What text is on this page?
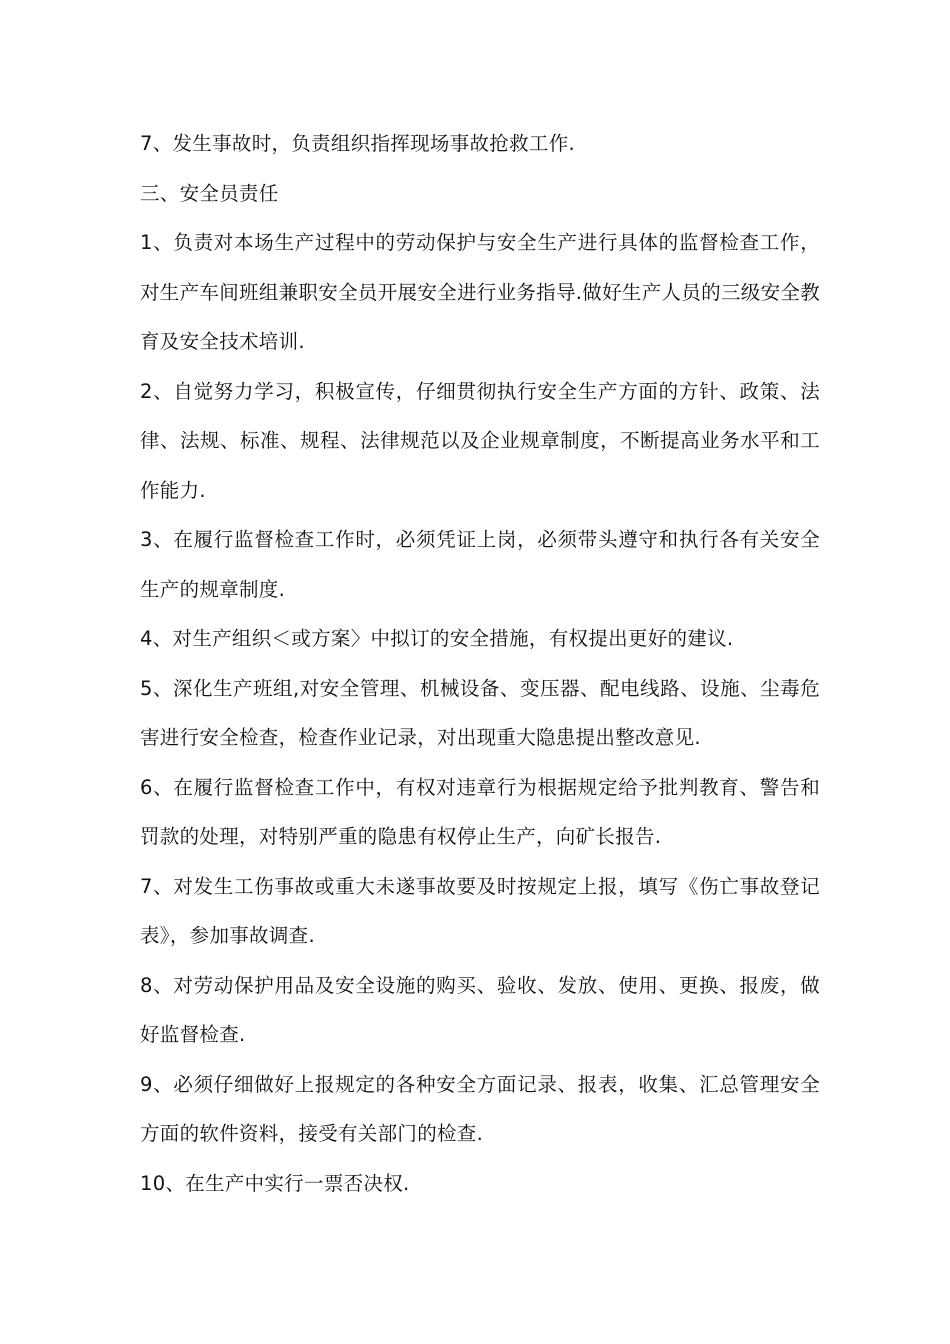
7、发生事故时，负责组织指挥现场事故抢救工作.

三、安全员责任

1、负责对本场生产过程中的劳动保护与安全生产进行具体的监督检查工作，对生产车间班组兼职安全员开展安全进行业务指导.做好生产人员的三级安全教育及安全技术培训.

2、自觉努力学习，积极宣传，仔细贯彻执行安全生产方面的方针、政策、法律、法规、标准、规程、法律规范以及企业规章制度，不断提高业务水平和工作能力.

3、在履行监督检查工作时，必须凭证上岗，必须带头遵守和执行各有关安全生产的规章制度.

4、对生产组织＜或方案〉中拟订的安全措施，有权提出更好的建议.

5、深化生产班组,对安全管理、机械设备、变压器、配电线路、设施、尘毒危害进行安全检查，检查作业记录，对出现重大隐患提出整改意见.

6、在履行监督检查工作中，有权对违章行为根据规定给予批判教育、警告和罚款的处理，对特别严重的隐患有权停止生产，向矿长报告.

7、对发生工伤事故或重大未遂事故要及时按规定上报，填写《伤亡事故登记表》，参加事故调查.

8、对劳动保护用品及安全设施的购买、验收、发放、使用、更换、报废，做好监督检查.

9、必须仔细做好上报规定的各种安全方面记录、报表，收集、汇总管理安全方面的软件资料，接受有关部门的检查.

10、在生产中实行一票否决权.
